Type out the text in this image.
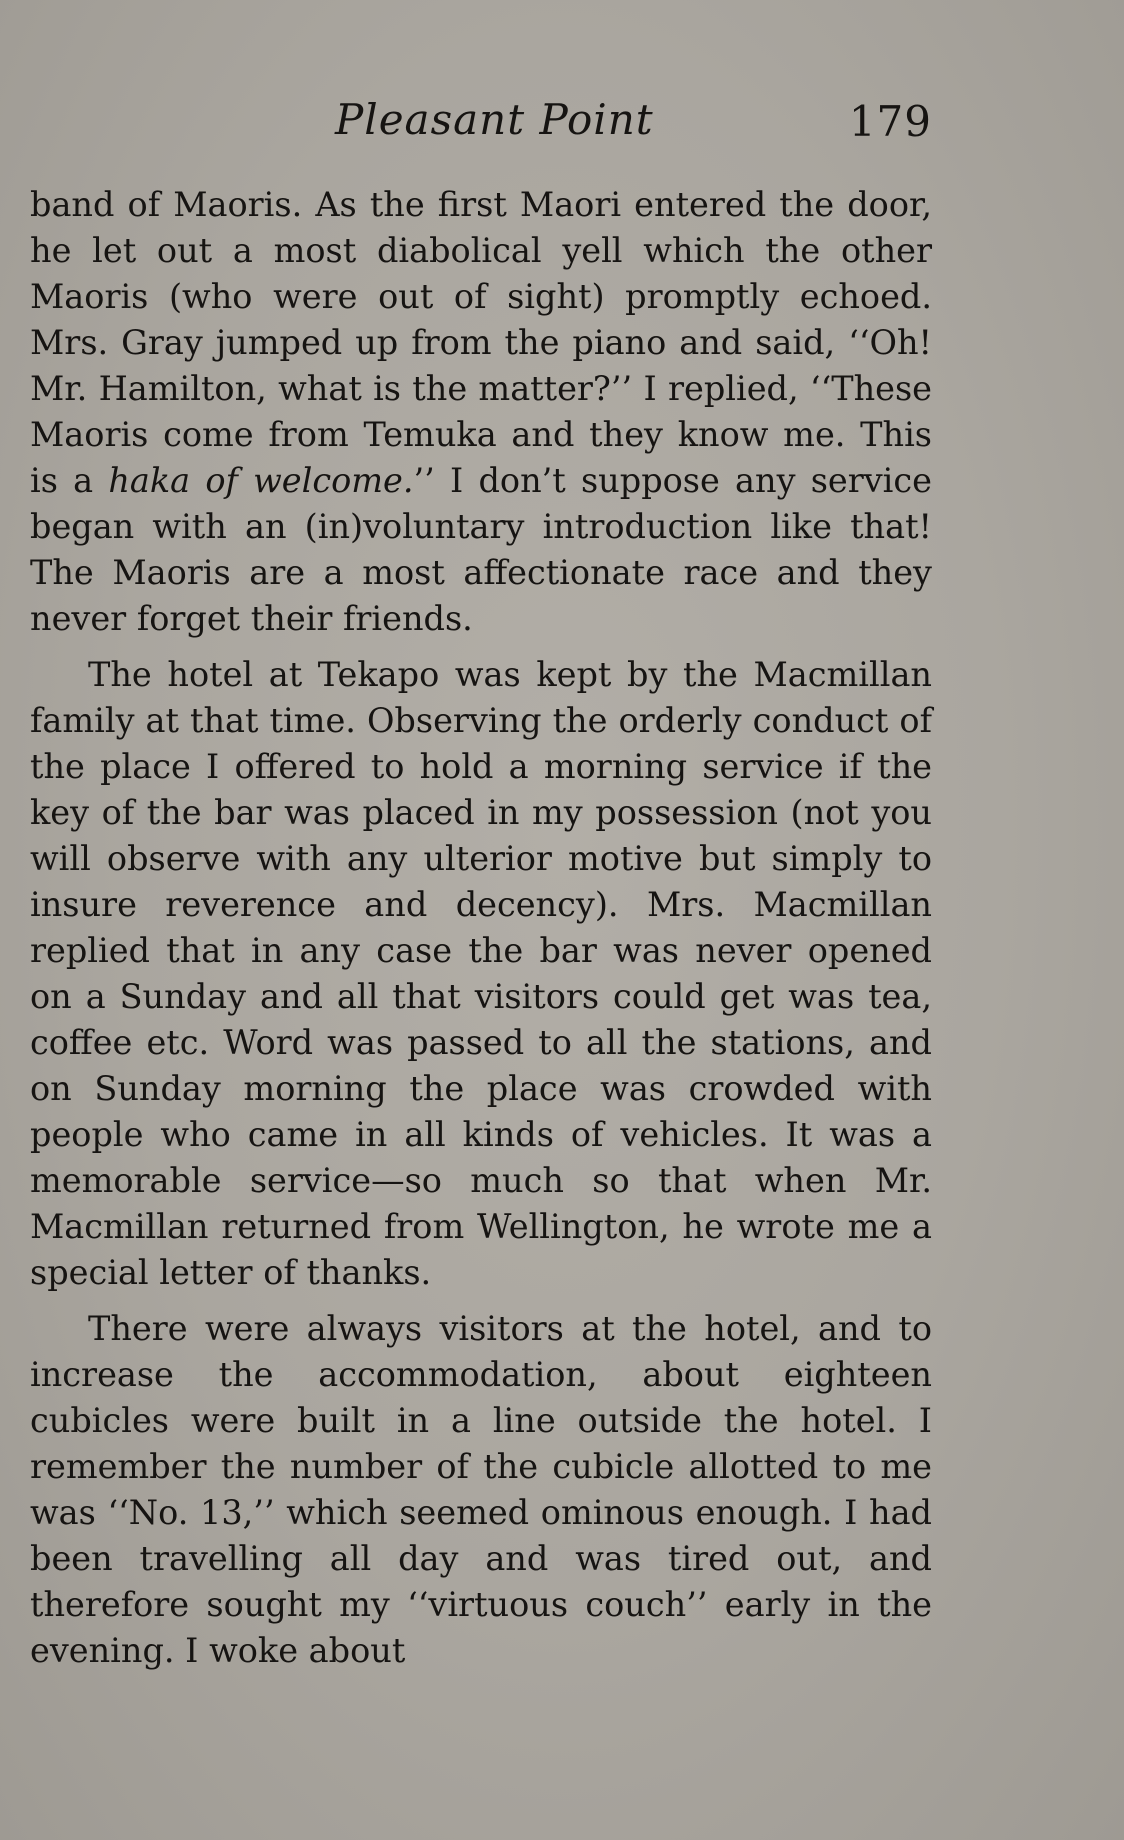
Pleasant Point	179

band of Maoris. As the first Maori entered the door, he let out a most diabolical yell which the other Maoris (who were out of sight) promptly echoed. Mrs. Gray jumped up from the piano and said, ‘‘Oh! Mr. Hamilton, what is the matter?’’ I replied, ‘‘These Maoris come from Temuka and they know me. This is a haka of welcome.’’ I don’t suppose any service began with an (in)voluntary introduction like that! The Maoris are a most affectionate race and they never forget their friends.

The hotel at Tekapo was kept by the Macmillan family at that time. Observing the orderly conduct of the place I offered to hold a morning service if the key of the bar was placed in my possession (not you will observe with any ulterior motive but simply to insure reverence and decency). Mrs. Macmillan replied that in any case the bar was never opened on a Sunday and all that visitors could get was tea, coffee etc. Word was passed to all the stations, and on Sunday morning the place was crowded with people who came in all kinds of vehicles. It was a memorable service—so much so that when Mr. Macmillan returned from Wellington, he wrote me a special letter of thanks.

There were always visitors at the hotel, and to increase the accommodation, about eighteen cubicles were built in a line outside the hotel. I remember the number of the cubicle allotted to me was ‘‘No. 13,’’ which seemed ominous enough. I had been travelling all day and was tired out, and therefore sought my ‘‘virtuous couch’’ early in the evening. I woke about
